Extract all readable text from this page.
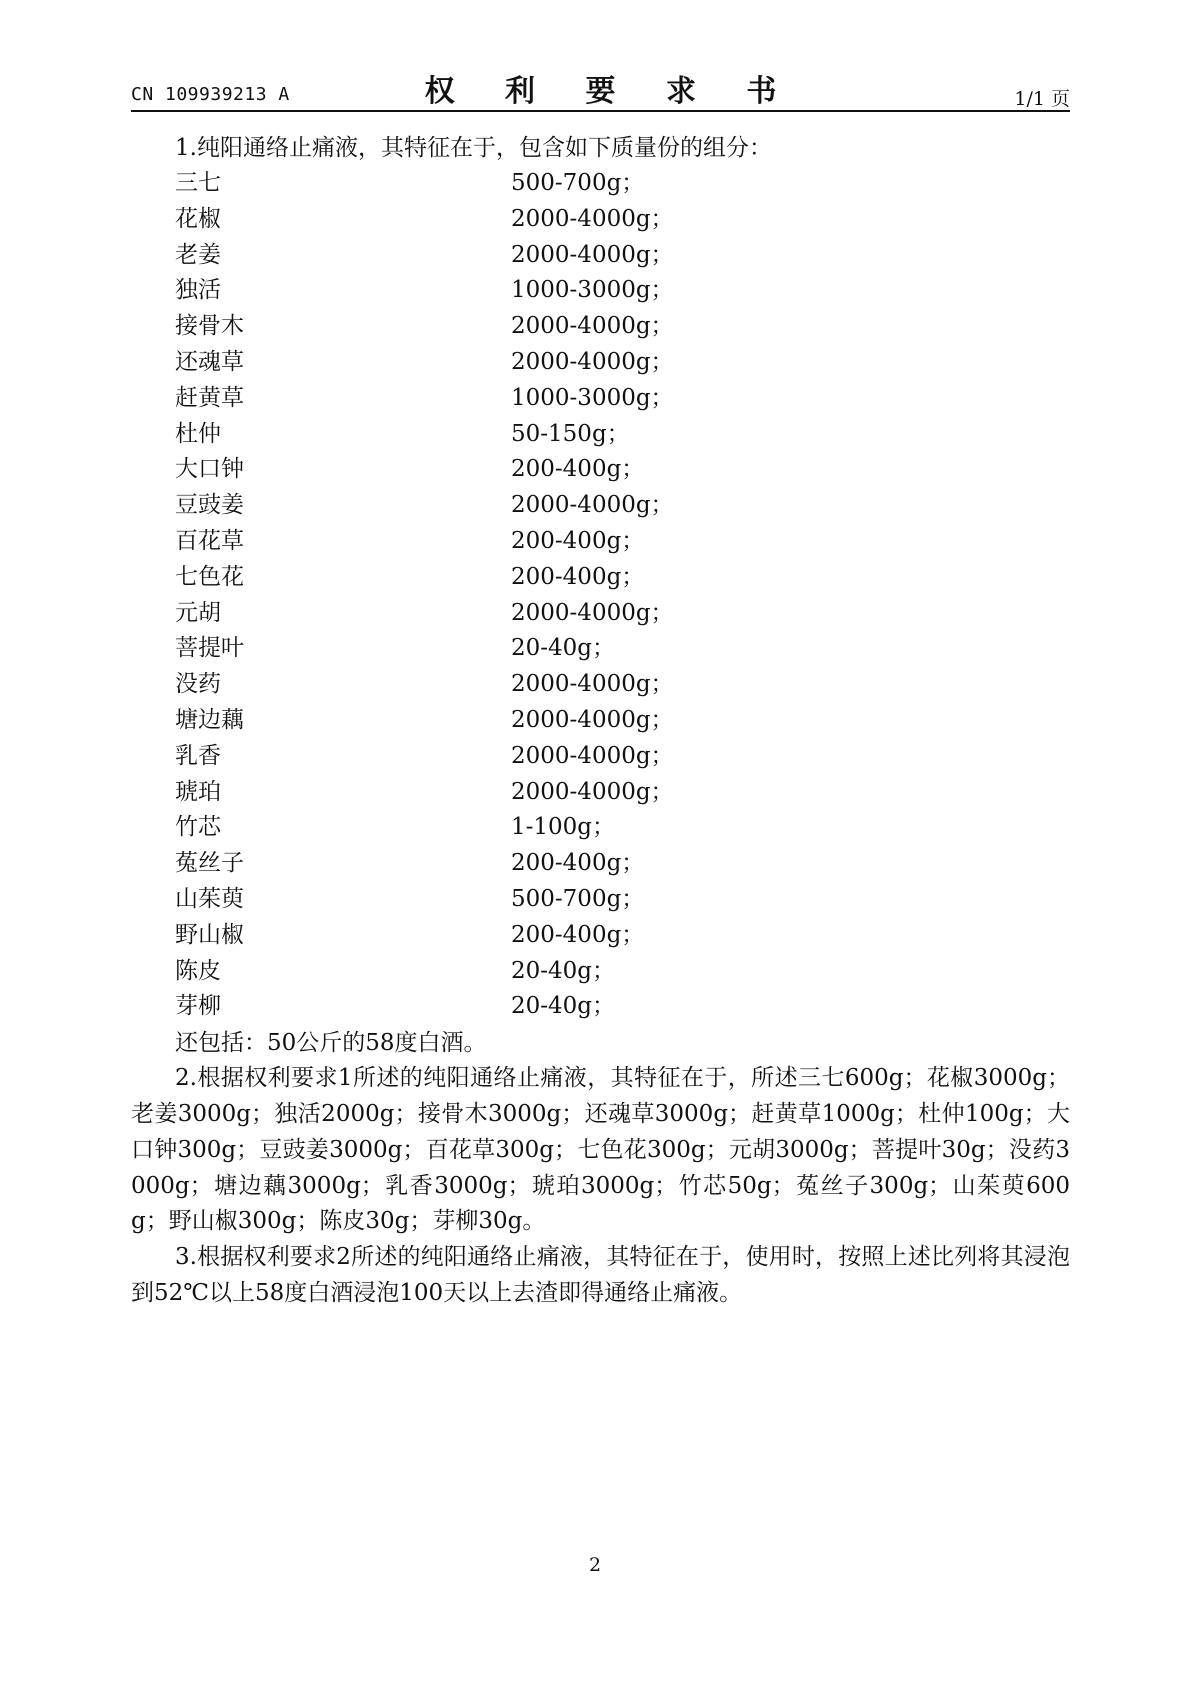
CN 109939213 A	权 利 要 求 书	1/1 页
1.纯阳通络止痛液，其特征在于，包含如下质量份的组分：
三七	500-700g；
花椒	2000-4000g；
老姜	2000-4000g；
独活	1000-3000g；
接骨木	2000-4000g；
还魂草	2000-4000g；
赶黄草	1000-3000g；
杜仲	50-150g；
大口钟	200-400g；
豆豉姜	2000-4000g；
百花草	200-400g；
七色花	200-400g；
元胡	2000-4000g；
菩提叶	20-40g；
没药	2000-4000g；
塘边藕	2000-4000g；
乳香	2000-4000g；
琥珀	2000-4000g；
竹芯	1-100g；
菟丝子	200-400g；
山茱萸	500-700g；
野山椒	200-400g；
陈皮	20-40g；
芽柳	20-40g；
还包括：50公斤的58度白酒。

2.根据权利要求1所述的纯阳通络止痛液，其特征在于，所述三七600g；花椒3000g；老姜3000g；独活2000g；接骨木3000g；还魂草3000g；赶黄草1000g；杜仲100g；大口钟300g；豆豉姜3000g；百花草300g；七色花300g；元胡3000g；菩提叶30g；没药3000g；塘边藕3000g；乳香3000g；琥珀3000g；竹芯50g；菟丝子300g；山茱萸600g；野山椒300g；陈皮30g；芽柳30g。

3.根据权利要求2所述的纯阳通络止痛液，其特征在于，使用时，按照上述比列将其浸泡到52℃以上58度白酒浸泡100天以上去渣即得通络止痛液。

2
